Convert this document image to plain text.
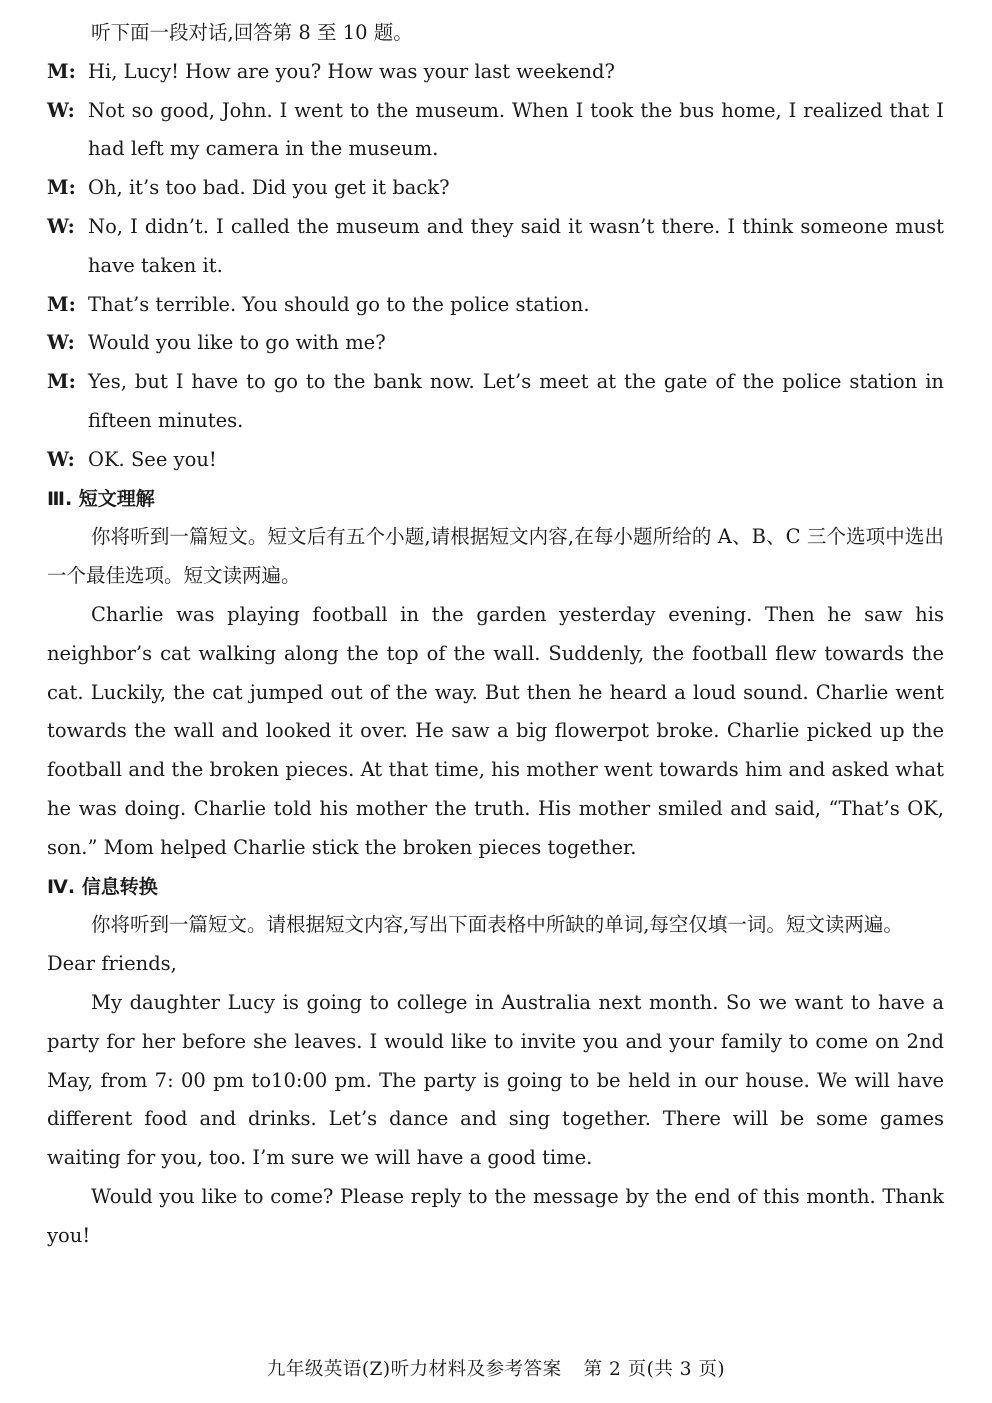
听下面一段对话,回答第 8 至 10 题。

M: Hi, Lucy! How are you? How was your last weekend?

W: Not so good, John. I went to the museum. When I took the bus home, I realized that I had left my camera in the museum.

M: Oh, it’s too bad. Did you get it back?

W: No, I didn’t. I called the museum and they said it wasn’t there. I think someone must have taken it.

M: That’s terrible. You should go to the police station.

W: Would you like to go with me?

M: Yes, but I have to go to the bank now. Let’s meet at the gate of the police station in fifteen minutes.

W: OK. See you!

Ⅲ. 短文理解

你将听到一篇短文。短文后有五个小题,请根据短文内容,在每小题所给的 A、B、C 三个选项中选出一个最佳选项。短文读两遍。

Charlie was playing football in the garden yesterday evening. Then he saw his neighbor’s cat walking along the top of the wall. Suddenly, the football flew towards the cat. Luckily, the cat jumped out of the way. But then he heard a loud sound. Charlie went towards the wall and looked it over. He saw a big flowerpot broke. Charlie picked up the football and the broken pieces. At that time, his mother went towards him and asked what he was doing. Charlie told his mother the truth. His mother smiled and said, “That’s OK, son.” Mom helped Charlie stick the broken pieces together.

Ⅳ. 信息转换

你将听到一篇短文。请根据短文内容,写出下面表格中所缺的单词,每空仅填一词。短文读两遍。

Dear friends,

My daughter Lucy is going to college in Australia next month. So we want to have a party for her before she leaves. I would like to invite you and your family to come on 2nd May, from 7: 00 pm to10:00 pm. The party is going to be held in our house. We will have different food and drinks. Let’s dance and sing together. There will be some games waiting for you, too. I’m sure we will have a good time.

Would you like to come? Please reply to the message by the end of this month. Thank you!

九年级英语(Z)听力材料及参考答案 第 2 页(共 3 页)
